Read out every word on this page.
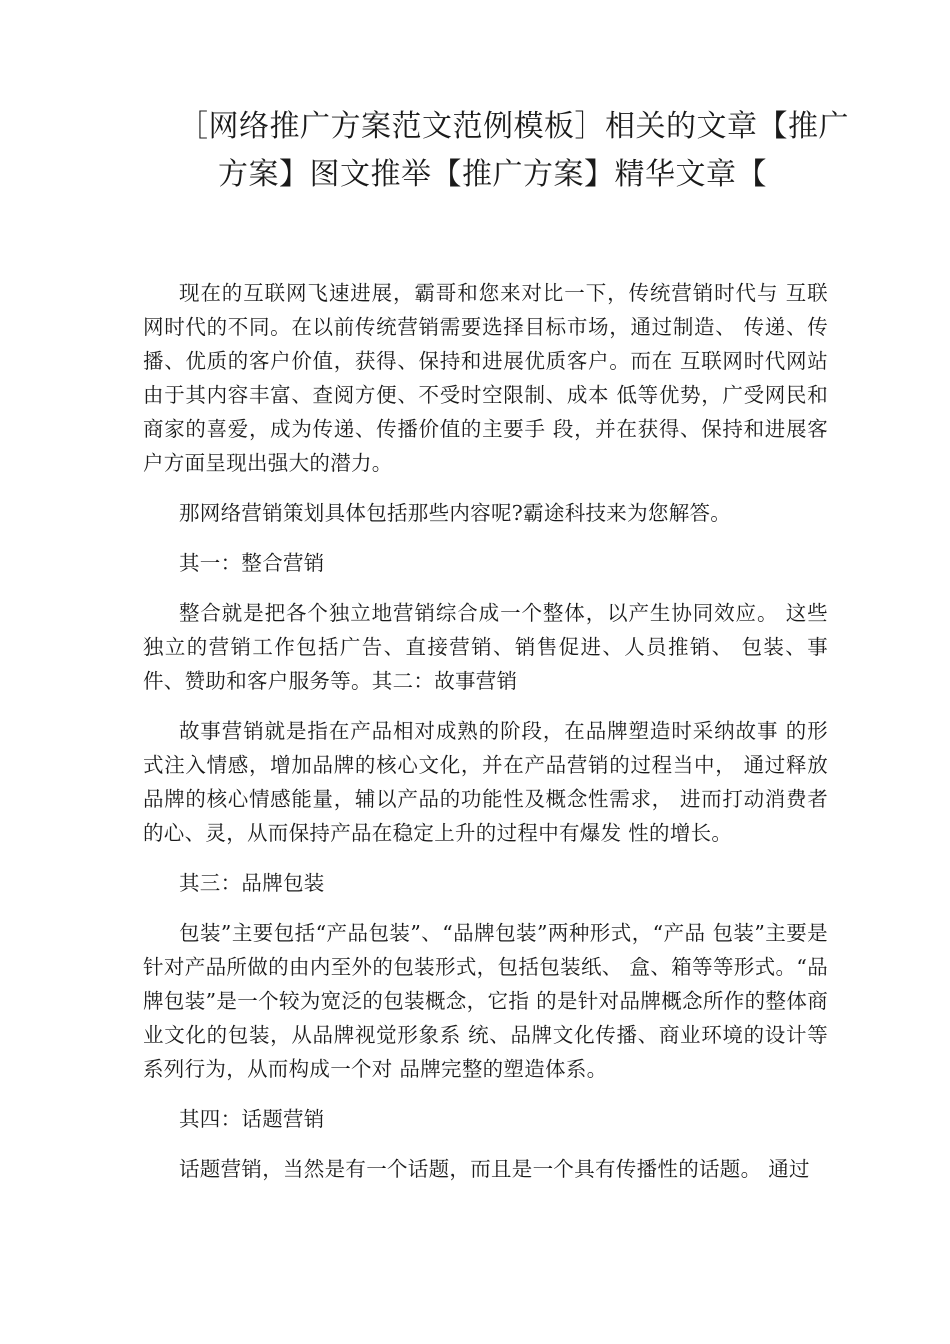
［网络推广方案范文范例模板］相关的文章【推广
方案】图文推举【推广方案】精华文章【

现在的互联网飞速进展，霸哥和您来对比一下，传统营销时代与 互联网时代的不同。在以前传统营销需要选择目标市场，通过制造、 传递、传播、优质的客户价值，获得、保持和进展优质客户。而在 互联网时代网站由于其内容丰富、查阅方便、不受时空限制、成本 低等优势，广受网民和商家的喜爱，成为传递、传播价值的主要手 段，并在获得、保持和进展客户方面呈现出强大的潜力。

那网络营销策划具体包括那些内容呢?霸途科技来为您解答。

其一：整合营销

整合就是把各个独立地营销综合成一个整体，以产生协同效应。 这些独立的营销工作包括广告、直接营销、销售促进、人员推销、 包装、事件、赞助和客户服务等。其二：故事营销

故事营销就是指在产品相对成熟的阶段，在品牌塑造时采纳故事 的形式注入情感，增加品牌的核心文化，并在产品营销的过程当中， 通过释放品牌的核心情感能量，辅以产品的功能性及概念性需求， 进而打动消费者的心、灵，从而保持产品在稳定上升的过程中有爆发 性的增长。

其三：品牌包装

包装”主要包括“产品包装”、“品牌包装”两种形式，“产品 包装”主要是针对产品所做的由内至外的包装形式，包括包装纸、 盒、箱等等形式。“品牌包装”是一个较为宽泛的包装概念，它指 的是针对品牌概念所作的整体商业文化的包装，从品牌视觉形象系 统、品牌文化传播、商业环境的设计等系列行为，从而构成一个对 品牌完整的塑造体系。

其四：话题营销

话题营销，当然是有一个话题，而且是一个具有传播性的话题。 通过
